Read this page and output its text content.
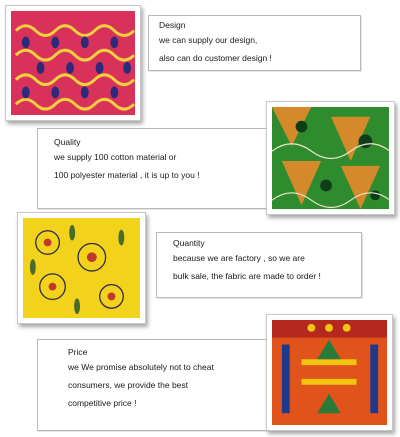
Design
we can supply our design,
also can do customer design !
Quality
we supply 100 cotton material or
100 polyester material , it is up to you !
Quantity
because we are factory , so we are
bulk sale, the fabric are made to order !
Price
we We promise absolutely not to cheat
consumers, we provide the best
competitive price !
